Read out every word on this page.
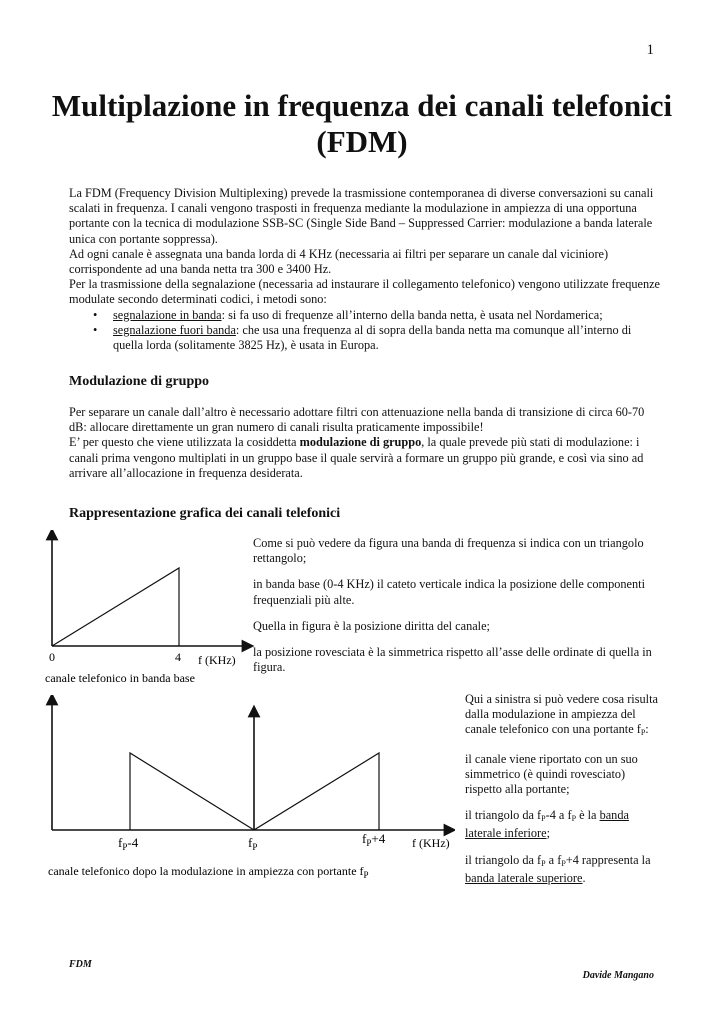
1
Multiplazione in frequenza dei canali telefonici (FDM)

La FDM (Frequency Division Multiplexing) prevede la trasmissione contemporanea di diverse conversazioni su canali scalati in frequenza. I canali vengono trasposti in frequenza mediante la modulazione in ampiezza di una opportuna portante con la tecnica di modulazione SSB-SC (Single Side Band – Suppressed Carrier: modulazione a banda laterale unica con portante soppressa).

Ad ogni canale è assegnata una banda lorda di 4 KHz (necessaria ai filtri per separare un canale dal viciniore) corrispondente ad una banda netta tra 300 e 3400 Hz.

Per la trasmissione della segnalazione (necessaria ad instaurare il collegamento telefonico) vengono utilizzate frequenze modulate secondo determinati codici, i metodi sono:

• segnalazione in banda: si fa uso di frequenze all’interno della banda netta, è usata nel Nordamerica;
• segnalazione fuori banda: che usa una frequenza al di sopra della banda netta ma comunque all’interno di quella lorda (solitamente 3825 Hz), è usata in Europa.
Modulazione di gruppo

Per separare un canale dall’altro è necessario adottare filtri con attenuazione nella banda di transizione di circa 60-70 dB: allocare direttamente un gran numero di canali risulta praticamente impossibile!

E’ per questo che viene utilizzata la cosiddetta modulazione di gruppo, la quale prevede più stati di modulazione: i canali prima vengono multiplati in un gruppo base il quale servirà a formare un gruppo più grande, e così via sino ad arrivare all’allocazione in frequenza desiderata.

Rappresentazione grafica dei canali telefonici
0	4 f (KHz)
canale telefonico in banda base
$f_P-4$	$f_P$
$f_P+4$ f (KHz)
canale telefonico dopo la modulazione in ampiezza con portante $f_P$

Come si può vedere da figura una banda di frequenza si indica con un triangolo rettangolo;

in banda base (0-4 KHz) il cateto verticale indica la posizione delle componenti frequenziali più alte.

Quella in figura è la posizione diritta del canale;

la posizione rovesciata è la simmetrica rispetto all’asse delle ordinate di quella in figura.

Qui a sinistra si può vedere cosa risulta dalla modulazione in ampiezza del canale telefonico con una portante $f_P$:

il canale viene riportato con un suo simmetrico (è quindi rovesciato) rispetto alla portante;

il triangolo da $f_P-4$ a $f_P$ è la banda laterale inferiore;

il triangolo da $f_P$ a $f_P+4$ rappresenta la banda laterale superiore.

FDM
Davide Mangano
